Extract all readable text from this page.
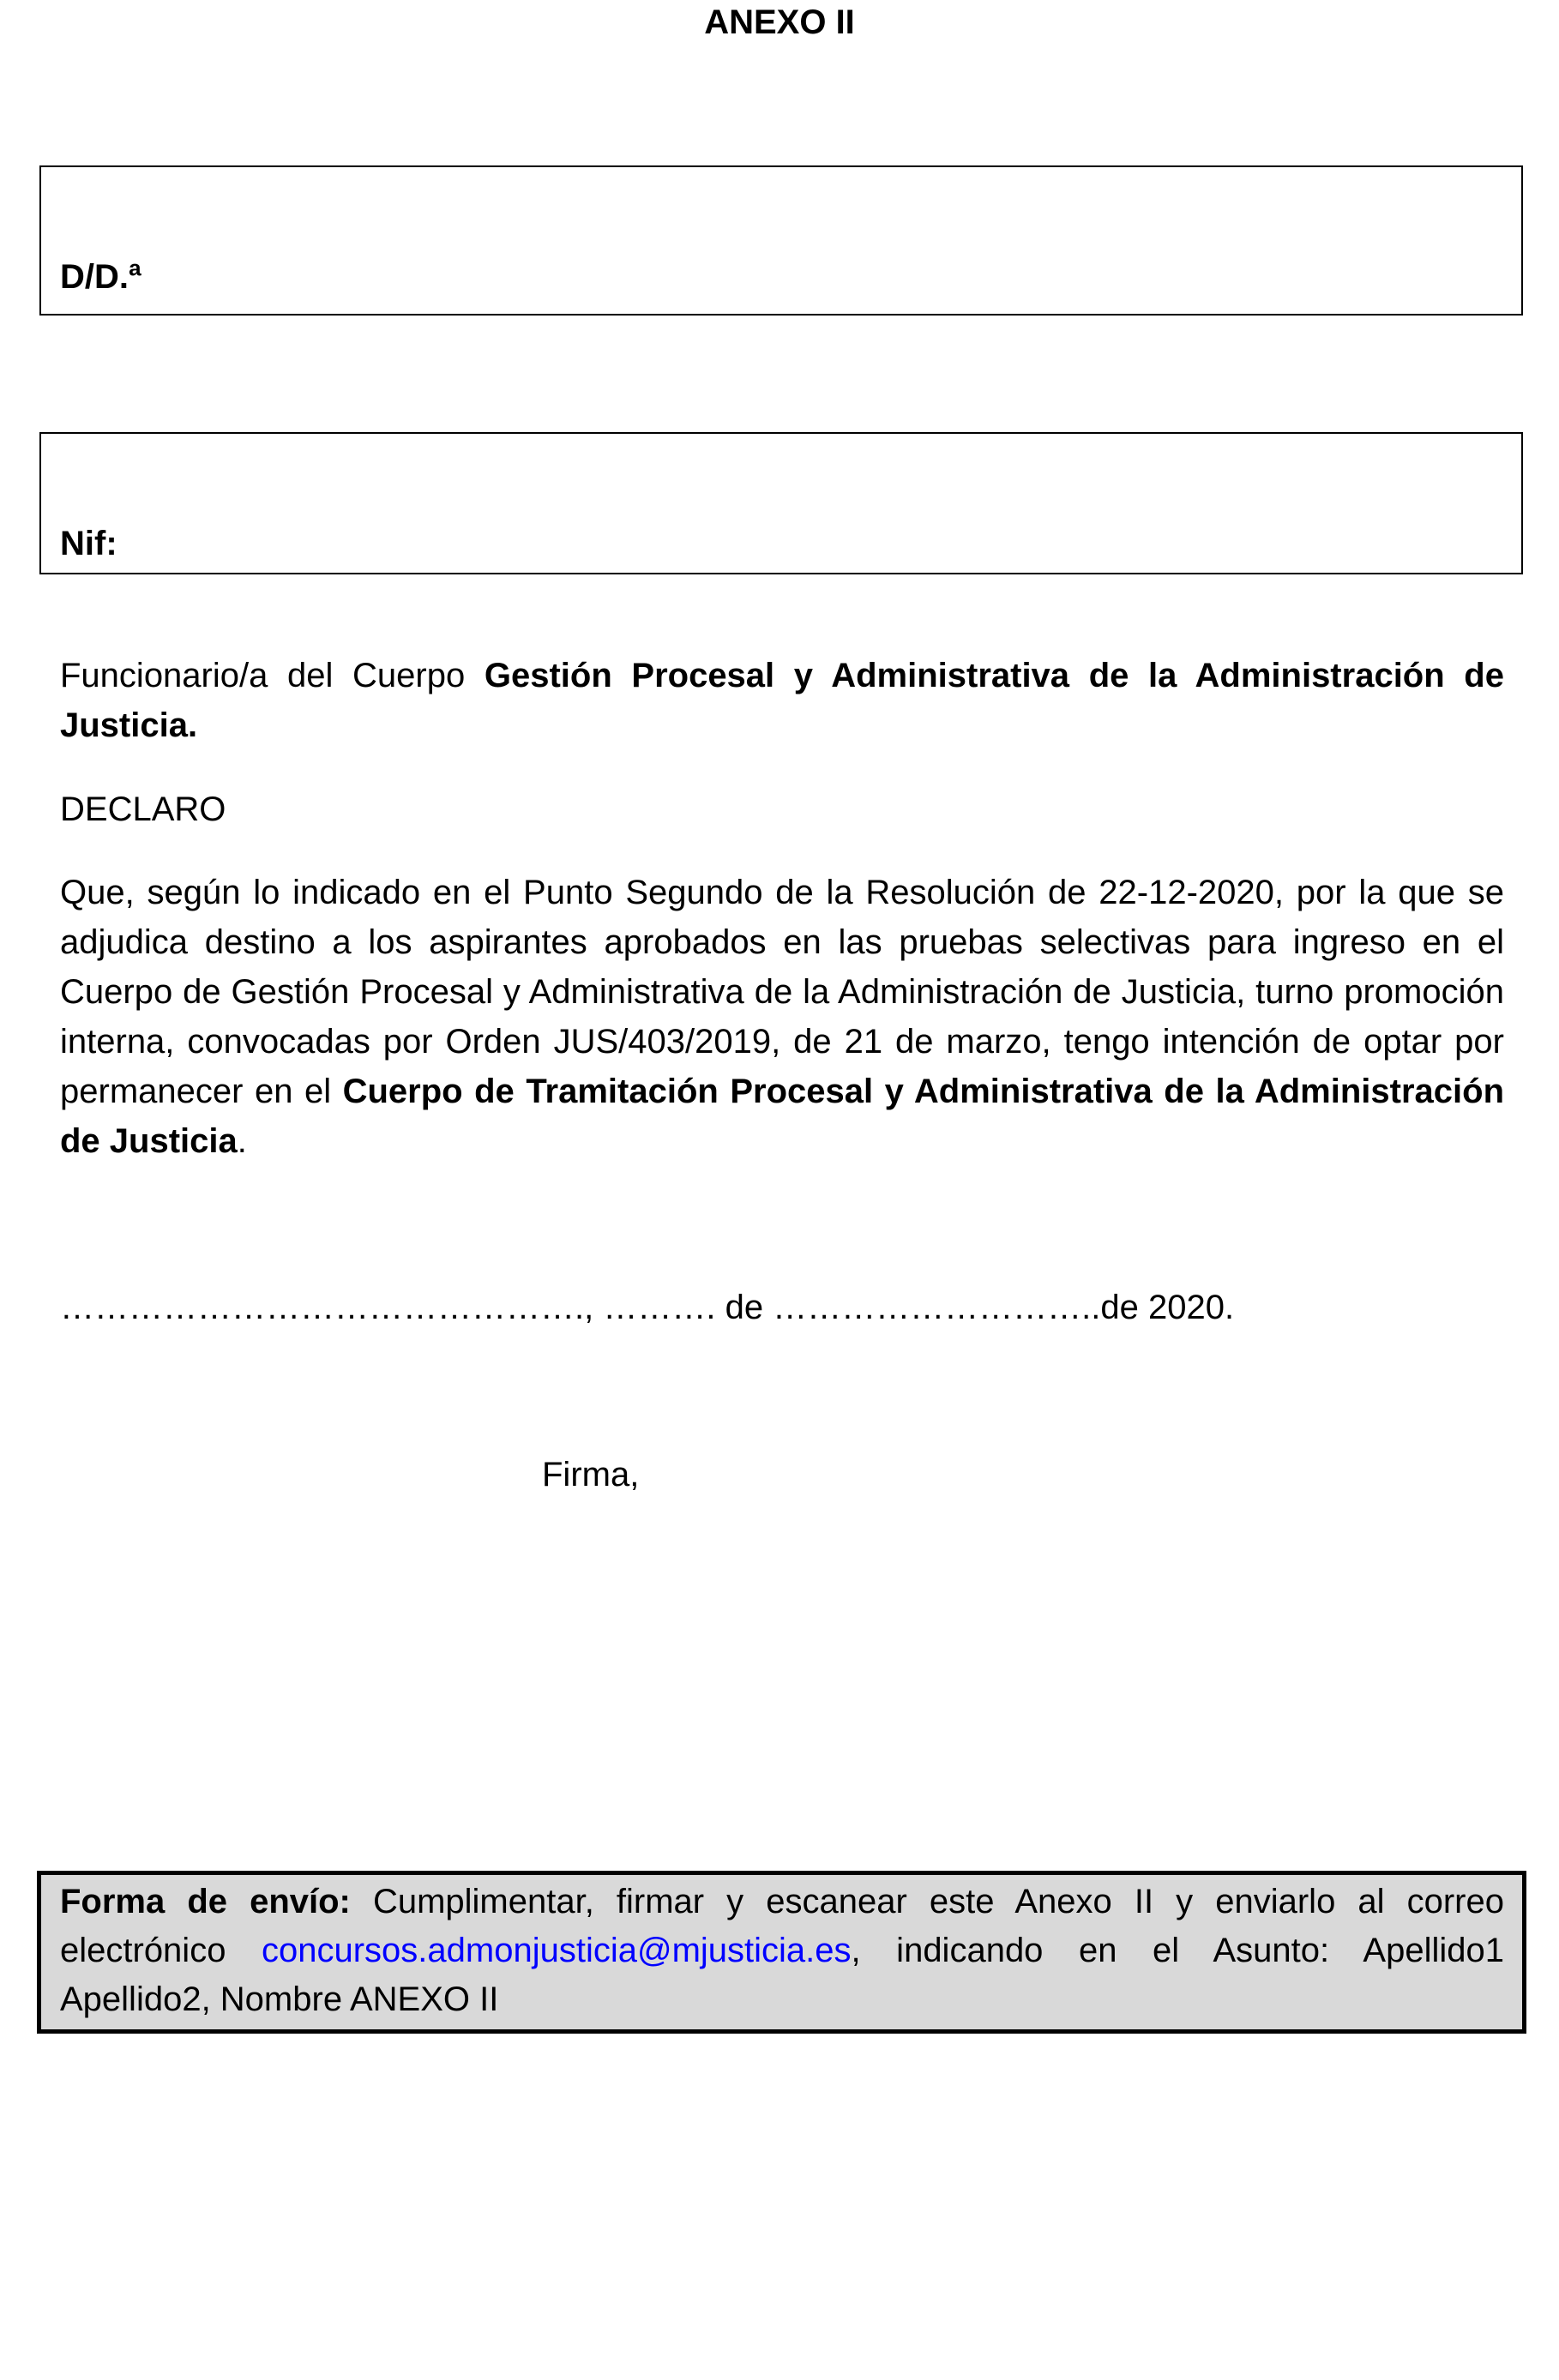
ANEXO II
D/D.ª
Nif:
Funcionario/a del Cuerpo Gestión Procesal y Administrativa de la Administración de Justicia.
DECLARO
Que, según lo indicado en el Punto Segundo de la Resolución de 22-12-2020, por la que se adjudica destino a los aspirantes aprobados en las pruebas selectivas para ingreso en el Cuerpo de Gestión Procesal y Administrativa de la Administración de Justicia, turno promoción interna, convocadas por Orden JUS/403/2019, de 21 de marzo, tengo intención de optar por permanecer en el Cuerpo de Tramitación Procesal y Administrativa de la Administración de Justicia.
………………………………………., ………. de ………………………..de 2020.
Firma,
Forma de envío: Cumplimentar, firmar y escanear este Anexo II y enviarlo al correo electrónico concursos.admonjusticia@mjusticia.es, indicando en el Asunto: Apellido1 Apellido2, Nombre ANEXO II
